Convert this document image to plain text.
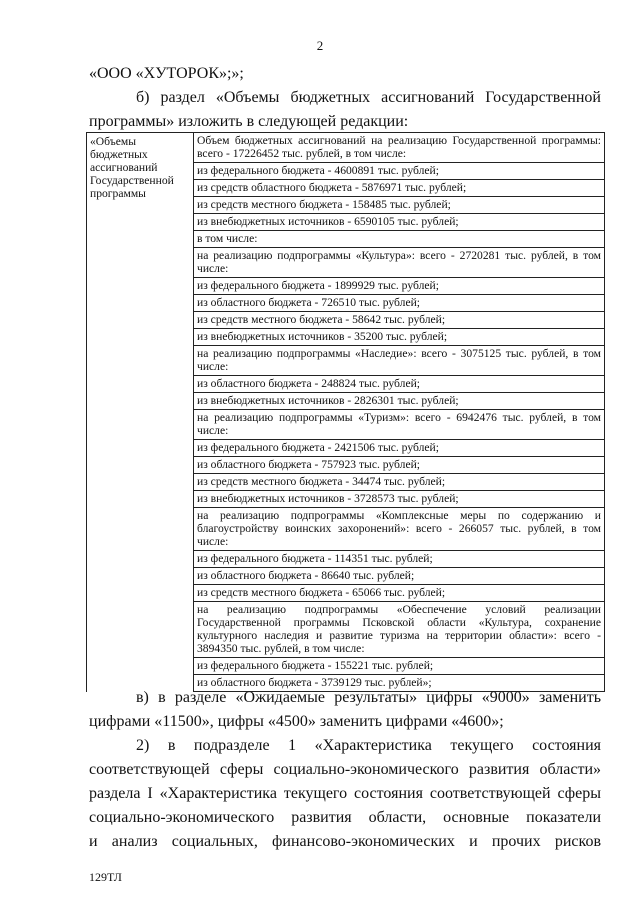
2
«ООО «ХУТОРОК»;»;
б) раздел «Объемы бюджетных ассигнований Государственной
программы» изложить в следующей редакции:
«Объемы
бюджетных
ассигнований
Государственной
программы
	Объем бюджетных ассигнований на реализацию Государственной программы: всего - 17226452 тыс. рублей, в том числе:
из федерального бюджета - 4600891 тыс. рублей;
из средств областного бюджета - 5876971 тыс. рублей;
из средств местного бюджета - 158485 тыс. рублей;
из внебюджетных источников - 6590105 тыс. рублей;
в том числе:
на реализацию подпрограммы «Культура»: всего - 2720281 тыс. рублей, в том числе:
из федерального бюджета - 1899929 тыс. рублей;
из областного бюджета - 726510 тыс. рублей;
из средств местного бюджета - 58642 тыс. рублей;
из внебюджетных источников - 35200 тыс. рублей;
на реализацию подпрограммы «Наследие»: всего - 3075125 тыс. рублей, в том числе:
из областного бюджета - 248824 тыс. рублей;
из внебюджетных источников - 2826301 тыс. рублей;
на реализацию подпрограммы «Туризм»: всего - 6942476 тыс. рублей, в том числе:
из федерального бюджета - 2421506 тыс. рублей;
из областного бюджета - 757923 тыс. рублей;
из средств местного бюджета - 34474 тыс. рублей;
из внебюджетных источников - 3728573 тыс. рублей;
на реализацию подпрограммы «Комплексные меры по содержанию и благоустройству воинских захоронений»: всего - 266057 тыс. рублей, в том числе:
из федерального бюджета - 114351 тыс. рублей;
из областного бюджета - 86640 тыс. рублей;
из средств местного бюджета - 65066 тыс. рублей;
на реализацию подпрограммы «Обеспечение условий реализации Государственной программы Псковской области «Культура, сохранение культурного наследия и развитие туризма на территории области»: всего - 3894350 тыс. рублей, в том числе:
из федерального бюджета - 155221 тыс. рублей;
из областного бюджета - 3739129 тыс. рублей»;
в) в разделе «Ожидаемые результаты» цифры «9000» заменить
цифрами «11500», цифры «4500» заменить цифрами «4600»;
2) в подразделе 1 «Характеристика текущего состояния
соответствующей сферы социально-экономического развития области»
раздела I «Характеристика текущего состояния соответствующей сферы
социально-экономического развития области, основные показатели
и анализ социальных, финансово-экономических и прочих рисков
129ТЛ
